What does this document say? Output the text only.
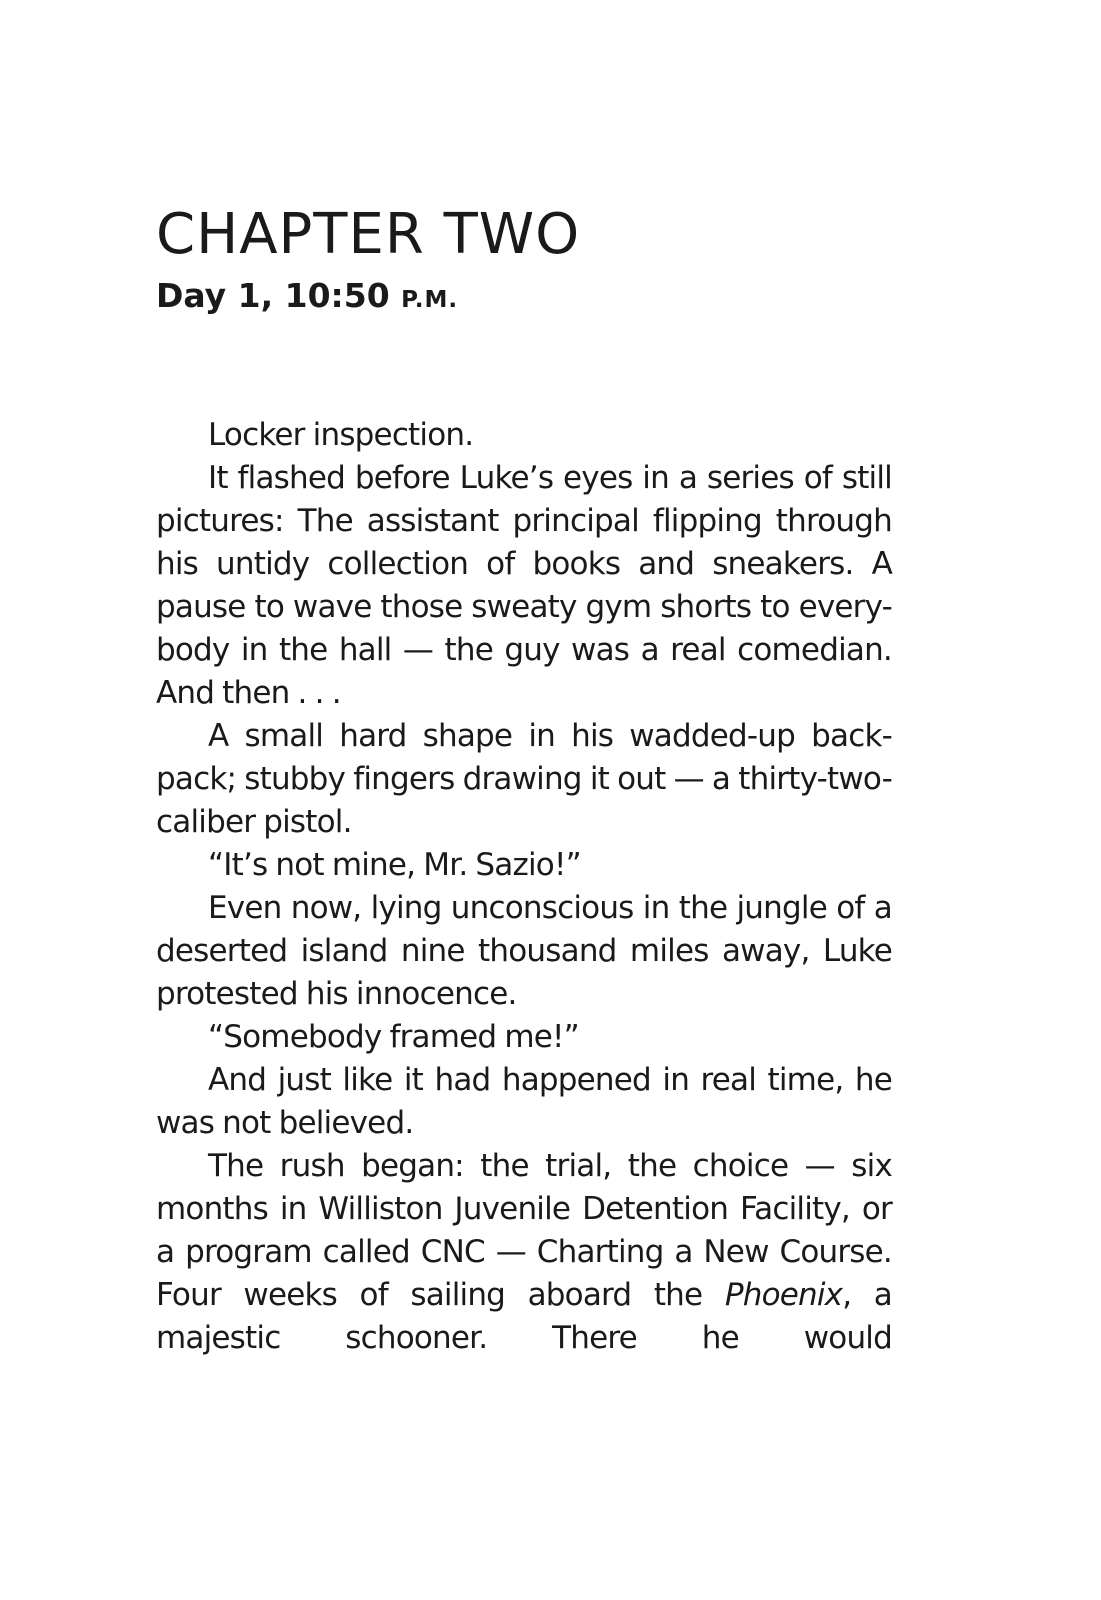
CHAPTER TWO
Day 1, 10:50 P.M.

Locker inspection.

It flashed before Luke’s eyes in a series of still pictures: The assistant principal flipping through his untidy collection of books and sneakers. A pause to wave those sweaty gym shorts to every-body in the hall — the guy was a real comedian. And then . . .

A small hard shape in his wadded-up back-pack; stubby fingers drawing it out — a thirty-two-caliber pistol.

“It’s not mine, Mr. Sazio!”

Even now, lying unconscious in the jungle of a deserted island nine thousand miles away, Luke protested his innocence.

“Somebody framed me!”

And just like it had happened in real time, he was not believed.

The rush began: the trial, the choice — six months in Williston Juvenile Detention Facility, or a program called CNC — Charting a New Course. Four weeks of sailing aboard the Phoenix, a majestic schooner. There he would
